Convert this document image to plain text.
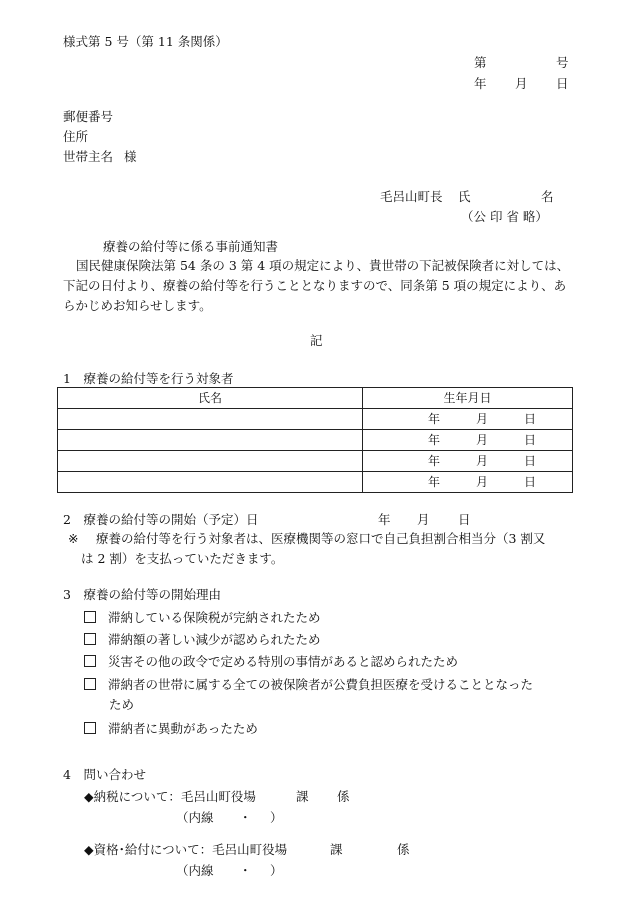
様式第 5 号（第 11 条関係）
第	号
年 月 日
郵便番号
住所
世帯主名 様
毛呂山町長 氏	名
（公 印 省 略）
療養の給付等に係る事前通知書
国民健康保険法第 54 条の 3 第 4 項の規定により、貴世帯の下記被保険者に対しては、下記の日付より、療養の給付等を行うこととなりますので、同条第 5 項の規定により、あらかじめお知らせします。
記
1　療養の給付等を行う対象者
氏名	生年月日

	年 月 日

	年 月 日

	年 月 日

	年 月 日
2　療養の給付等の開始（予定）日	年 月 日
※ 療養の給付等を行う対象者は、医療機関等の窓口で自己負担割合相当分（3 割又
は 2 割）を支払っていただきます。
3　療養の給付等の開始理由
滞納している保険税が完納されたため
滞納額の著しい減少が認められたため
災害その他の政令で定める特別の事情があると認められたため
滞納者の世帯に属する全ての被保険者が公費負担医療を受けることとなった
ため
滞納者に異動があったため
4　問い合わせ
◆納税について：毛呂山町役場	課 係
（内線 ・ ）
◆資格･給付について：毛呂山町役場	課	係
（内線 ・ ）
